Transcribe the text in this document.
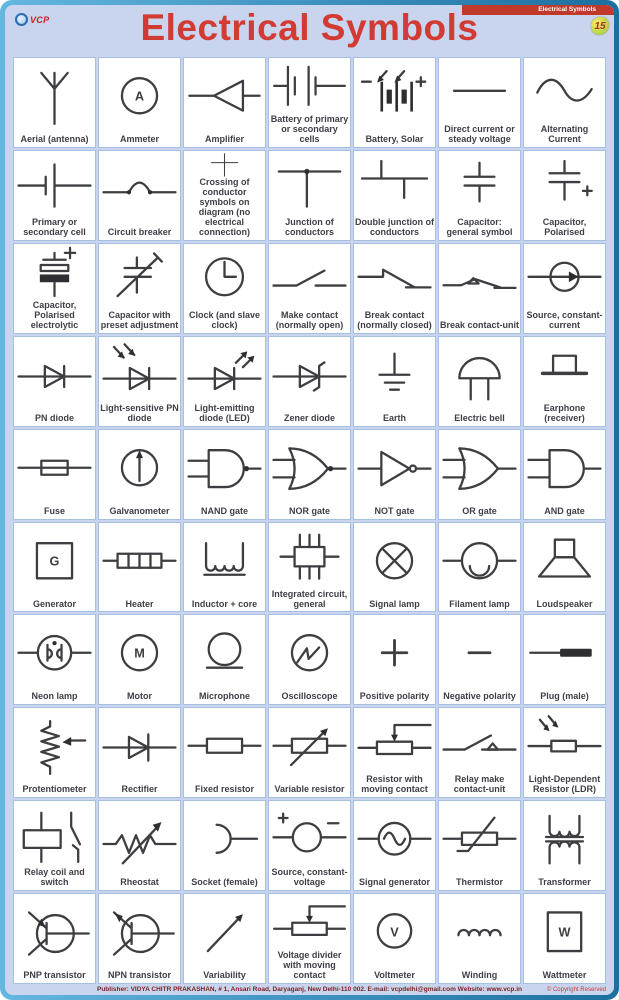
Electrical Symbols
15
VCP	Electrical Symbols
Aerial (antenna)
A
Ammeter	Amplifier
Battery of primary or secondary cells	Battery, Solar
Direct current or steady voltage
Alternating Current
Primary or secondary cell	Circuit breaker
Crossing of conductor symbols on diagram (no electrical connection)
Junction of conductors
Double junction of conductors
Capacitor: general symbol
Capacitor, Polarised
Capacitor, Polarised electrolytic
Capacitor with preset adjustment
Clock (and slave clock)
Make contact (normally open)
Break contact (normally closed) Break contact-unit
Source, constant-current
PN diode
Light-sensitive PN diode
Light-emitting diode (LED)	Zener diode	Earth	Electric bell
Earphone (receiver)
Fuse	Galvanometer	NAND gate	NOR gate	NOT gate	OR gate	AND gate
G
Generator	Heater	Inductor + core
Integrated circuit, general	Signal lamp	Filament lamp	Loudspeaker
Neon lamp
M
Motor	Microphone	Oscilloscope Positive polarity Negative polarity	Plug (male)
Protentiometer	Rectifier	Fixed resistor Variable resistor
Resistor with moving contact
Relay make contact-unit
Light-Dependent Resistor (LDR)
Relay coil and switch	Rheostat	Socket (female)
Source, constant-voltage	Signal generator	Thermistor	Transformer
PNP transistor NPN transistor	Variability
Voltage divider with moving contact
V
Voltmeter	Winding
W
Wattmeter
Publisher: VIDYA CHITR PRAKASHAN, # 1, Ansari Road, Daryaganj, New Delhi-110 002. E-mail: vcpdelhi@gmail.com Website: www.vcp.in	© Copyright Reserved
